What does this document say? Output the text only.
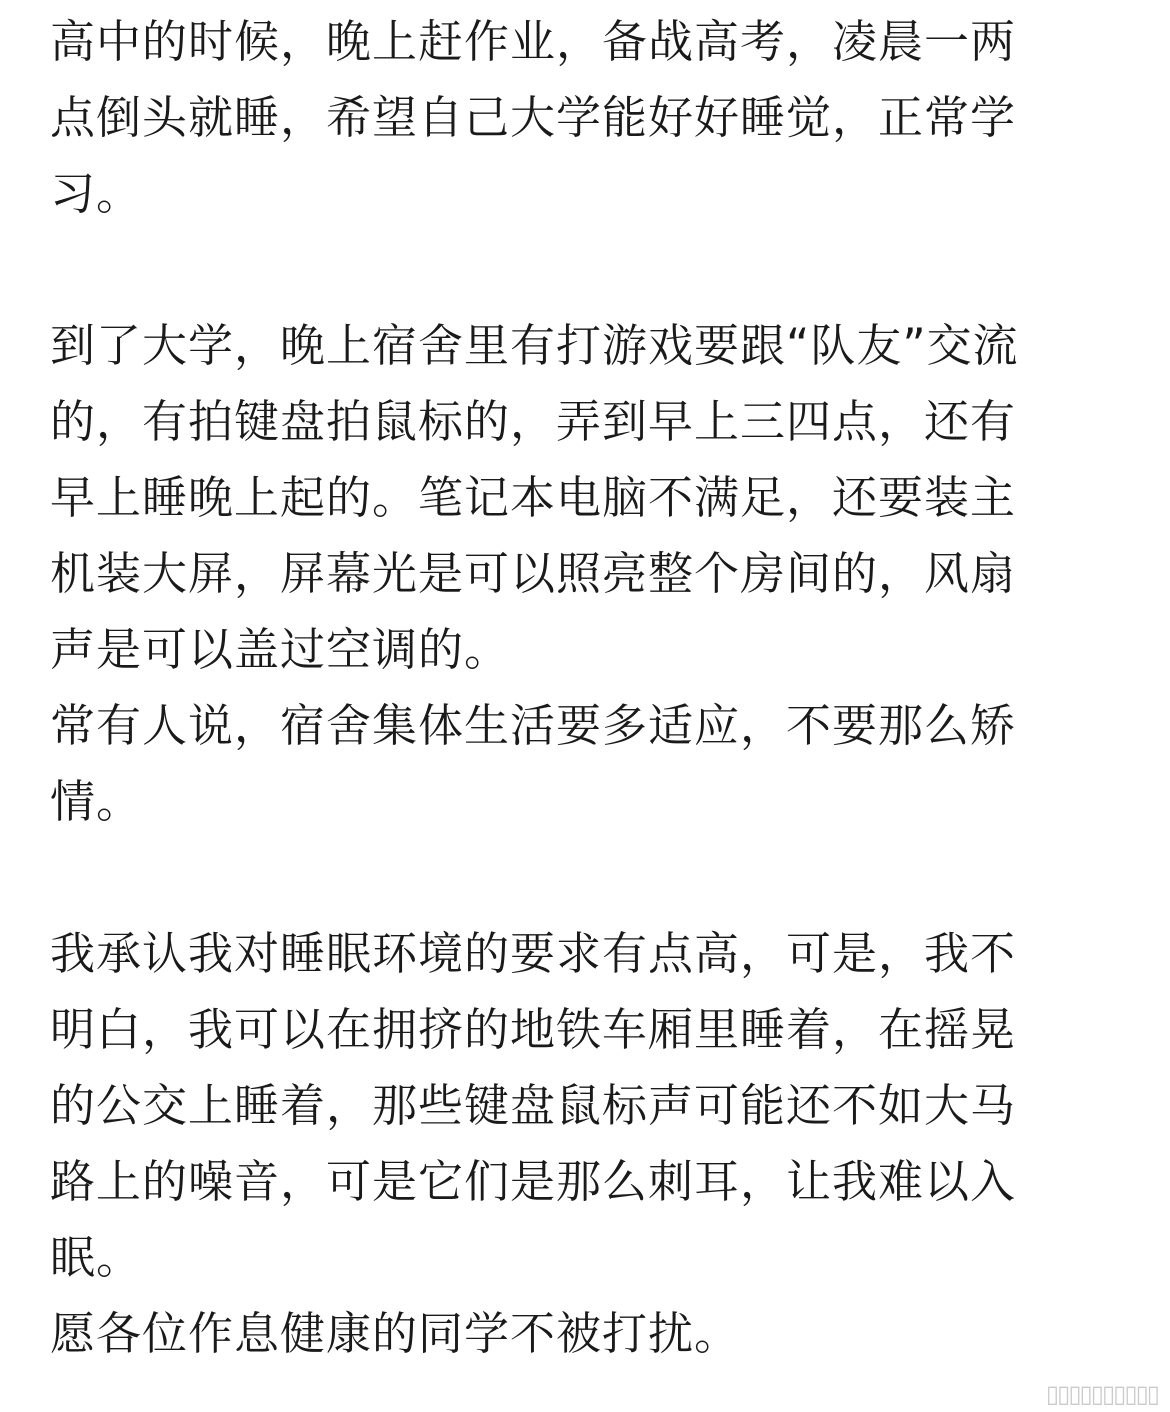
高中的时候，晚上赶作业，备战高考，凌晨一两
点倒头就睡，希望自己大学能好好睡觉，正常学
习。
到了大学，晚上宿舍里有打游戏要跟“队友”交流
的，有拍键盘拍鼠标的，弄到早上三四点，还有
早上睡晚上起的。笔记本电脑不满足，还要装主
机装大屏，屏幕光是可以照亮整个房间的，风扇
声是可以盖过空调的。
常有人说，宿舍集体生活要多适应，不要那么矫
情。
我承认我对睡眠环境的要求有点高，可是，我不
明白，我可以在拥挤的地铁车厢里睡着，在摇晃
的公交上睡着，那些键盘鼠标声可能还不如大马
路上的噪音，可是它们是那么刺耳，让我难以入
眠。
愿各位作息健康的同学不被打扰。
▯▯▯▯▯▯▯▯▯▯
